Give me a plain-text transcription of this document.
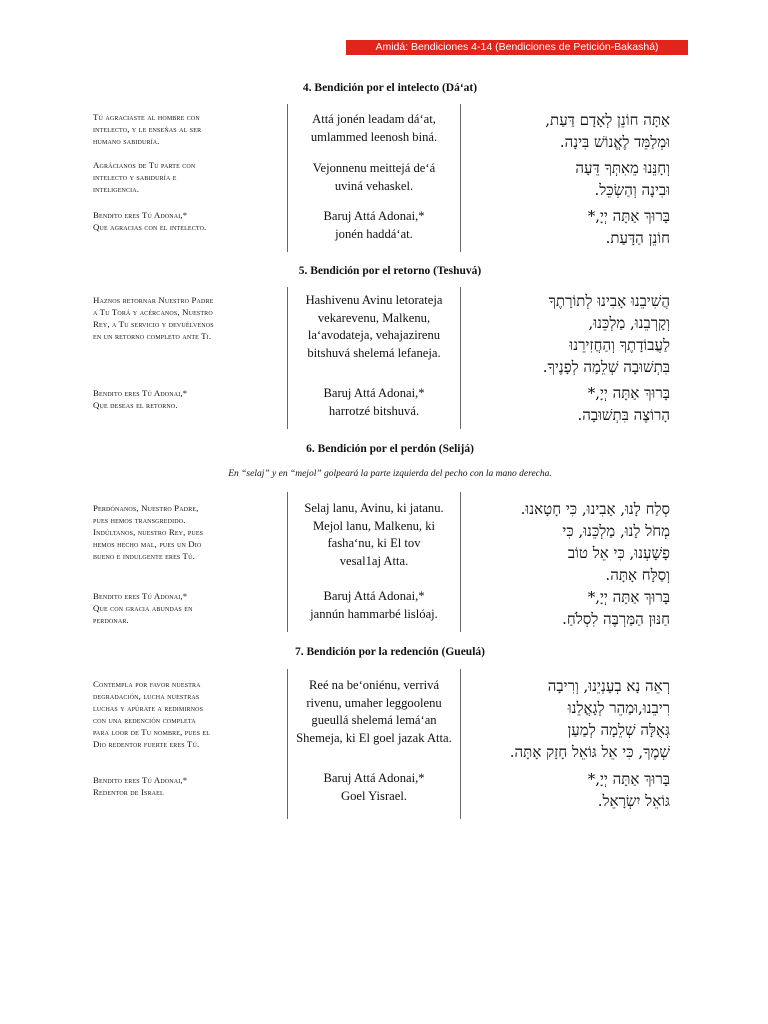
Amidá: Bendiciones 4-14 (Bendiciones de Petición-Bakashá)
4. Bendición por el intelecto (Dá‘at)
Tú agraciaste al hombre con
intelecto, y le enseñas al ser
humano sabiduría.
Attá jonén leadam dá‘at,
umlammed leenosh biná.
אַתָּה חוֹנֵן לְאָדָם דַּעַת,
וּמְלַמֵּד לֶאֱנוֹשׁ בִּינָה.
Agrácianos de Tu parte con
intelecto y sabiduría e
inteligencia.
Vejonnenu meittejá de‘á
uviná vehaskel.
וְחָנֵּנוּ מֵאִתְּךָ דֵּעָה
וּבִינָה וְהַשְׂכֵּל.
Bendito eres Tú Adonai,*
Que agracias con el intelecto.
Baruj Attá Adonai,*
jonén haddá‘at.
בָּרוּךְ אַתָּה יְיָ,*
חוֹנֵן הַדָּעַת.
5. Bendición por el retorno (Teshuvá)
Haznos retornar Nuestro Padre
a Tu Torá y acércanos, Nuestro
Rey, a Tu servicio y devuélvenos
en un retorno completo ante Ti.
Hashivenu Avinu letorateja
vekarevenu, Malkenu,
la‘avodateja, vehajazirenu
bitshuvá shelemá lefaneja.
הֲשִׁיבֵנוּ אָבִינוּ לְתוֹרָתֶךָ
וְקָרְבֵנוּ, מַלְכֵּנוּ,
לַעֲבוֹדָתֶךָ וְהַחֲזִירֵנוּ
בִּתְשׁוּבָה שְׁלֵמָה לְפָנֶיךָ.
Bendito eres Tú Adonai,*
Que deseas el retorno.
Baruj Attá Adonai,*
harrotzé bitshuvá.
בָּרוּךְ אַתָּה יְיָ,*
הָרוֹצֶה בִּתְשׁוּבָה.
6. Bendición por el perdón (Selijá)
En “selaj” y en “mejol” golpeará la parte izquierda del pecho con la mano derecha.
Perdónanos, Nuestro Padre,
pues hemos transgredido.
Indúltanos, nuestro Rey, pues
hemos hecho mal, pues un Dio
bueno e indulgente eres Tú.
Selaj lanu, Avinu, ki jatanu.
Mejol lanu, Malkenu, ki
fasha‘nu, ki El tov
vesal1aj Atta.
סְלַח לָנוּ, אָבִינוּ, כִּי חָטָאנוּ.
מְחֹל לָנוּ, מַלְכֵּנוּ, כִּי
פָשָׁעְנוּ, כִּי אֵל טוֹב
וְסַלָּח אָתָּה.
Bendito eres Tú Adonai,*
Que con gracia abundas en
perdonar.
Baruj Attá Adonai,*
jannún hammarbé lislóaj.
בָּרוּךְ אַתָּה יְיָ,*
חַנּוּן הַמַּרְבֶּה לִסְלֹחַ.
7. Bendición por la redención (Gueulá)
Contempla por favor nuestra
degradación, lucha nuestras
luchas y apúrate a redimirnos
con una redención completa
para loor de Tu nombre, pues el
Dio redentor fuerte eres Tú.
Reé na be‘oniénu, verrivá
rivenu, umaher leggoolenu
gueullá shelemá lemá‘an
Shemeja, ki El goel jazak Atta.
רְאֵה נָא בְעָנְיֵנוּ, וְרִיבָה
רִיבֵנוּ,וּמַהֵר לְגָאֳלֵנוּ
גְּאֻלָּה שְׁלֵמָה לְמַעַן
שְׁמֶךָ, כִּי אֵל גּוֹאֵל חָזָק אָתָּה.
Bendito eres Tú Adonai,*
Redentor de Israel
Baruj Attá Adonai,*
Goel Yisrael.
בָּרוּךְ אַתָּה יְיָ,*
גּוֹאֵל יִשְׂרָאֵל.
